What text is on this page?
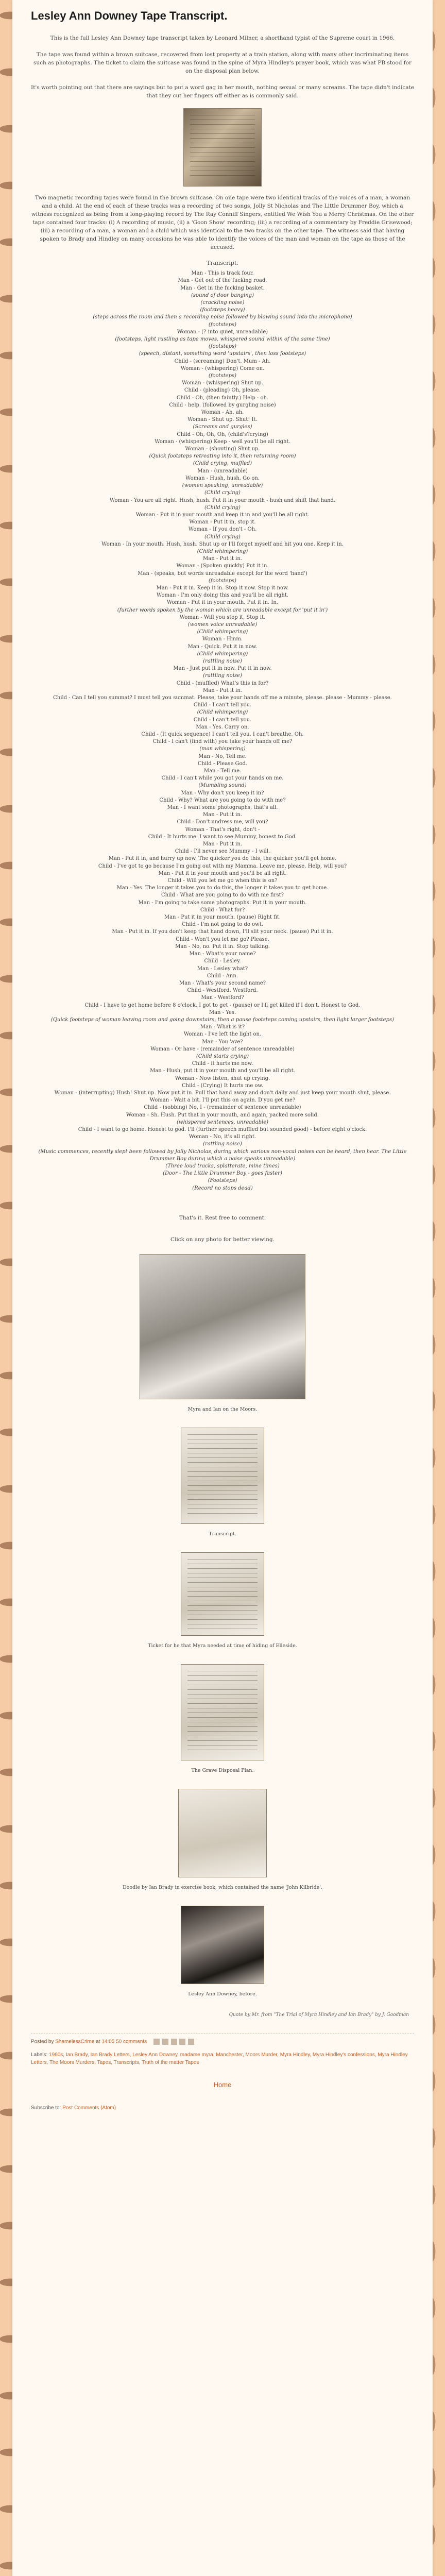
Lesley Ann Downey Tape Transcript.

This is the full Lesley Ann Downey tape transcript taken by Leonard Milner, a shorthand typist of the Supreme court in 1966.

The tape was found within a brown suitcase, recovered from lost property at a train station, along with many other incriminating items such as photographs. The ticket to claim the suitcase was found in the spine of Myra Hindley's prayer book, which was what PB stood for on the disposal plan below.

It's worth pointing out that there are sayings but to put a word gag in her mouth, nothing sexual or many screams. The tape didn't indicate that they cut her fingers off either as is commonly said.

Two magnetic recording tapes were found in the brown suitcase. On one tape were two identical tracks of the voices of a man, a woman and a child. At the end of each of these tracks was a recording of two songs, Jolly St Nicholas and The Little Drummer Boy, which a witness recognized as being from a long-playing record by The Ray Conniff Singers, entitled We Wish You a Merry Christmas. On the other tape contained four tracks: (i) A recording of music, (ii) a 'Goon Show' recording; (iii) a recording of a commentary by Freddie Grisewood; (iii) a recording of a man, a woman and a child which was identical to the two tracks on the other tape. The witness said that having spoken to Brady and Hindley on many occasions he was able to identify the voices of the man and woman on the tape as those of the accused.

Transcript.
Man - This is track four.
Man - Get out of the fucking road.
Man - Get in the fucking basket.
(sound of door banging)
(crackling noise)
(footsteps heavy)
(steps across the room and then a recording noise followed by blowing sound into the microphone)
(footsteps)
Woman - (? into quiet, unreadable)
(footsteps, light rustling as tape moves, whispered sound within of the same time)
(footsteps)
(speech, distant, something word 'upstairs', then loss footsteps)
Child - (screaming) Don't. Mum - Ah.
Woman - (whispering) Come on.
(footsteps)
Woman - (whispering) Shut up.
Child - (pleading) Oh, please.
Child - Oh, (then faintly.) Help - oh.
Child - help. (followed by gurgling noise)
Woman - Ah, ah.
Woman - Shut up. Shut! It.
(Screams and gurgles)
Child - Oh, Oh, Oh, (child's?crying)
Woman - (whispering) Keep - well you'll be all right.
Woman - (shouting) Shut up.
(Quick footsteps retreating into it, then returning room)
(Child crying, muffled)
Man - (unreadable)
Woman - Hush, hush. Go on.
(women speaking, unreadable)
(Child crying)
Woman - You are all right. Hush, hush. Put it in your mouth - hush and shift that hand.
(Child crying)
Woman - Put it in your mouth and keep it in and you'll be all right.
Woman - Put it in, stop it.
Woman - If you don't - Oh.
(Child crying)
Woman - In your mouth. Hush, hush. Shut up or I'll forget myself and hit you one. Keep it in.
(Child whimpering)
Man - Put it in.
Woman - (Spoken quickly) Put it in.
Man - (speaks, but words unreadable except for the word 'hand')
(footsteps)
Man - Put it in. Keep it in. Stop it now. Stop it now.
Woman - I'm only doing this and you'll be all right.
Woman - Put it in your mouth. Put it in. In.
(further words spoken by the woman which are unreadable except for 'put it in')
Woman - Will you stop it, Stop it.
(women voice unreadable)
(Child whimpering)
Woman - Hmm.
Man - Quick. Put it in now.
(Child whimpering)
(rattling noise)
Man - Just put it in now. Put it in now.
(rattling noise)
Child - (muffled) What's this in for?
Man - Put it in.
Child - Can I tell you summat? I must tell you summat. Please, take your hands off me a minute, please. please - Mummy - please.
Child - I can't tell you.
(Child whimpering)
Child - I can't tell you.
Man - Yes. Carry on.
Child - (It quick sequence) I can't tell you. I can't breathe. Oh.
Child - I can't (find with) you take your hands off me?
(man whispering)
Man - No, Tell me.
Child - Please God.
Man - Tell me.
Child - I can't while you got your hands on me.
(Mumbling sound)
Man - Why don't you keep it in?
Child - Why? What are you going to do with me?
Man - I want some photographs, that's all.
Man - Put it in.
Child - Don't undress me, will you?
Woman - That's right, don't -
Child - It hurts me. I want to see Mummy, honest to God.
Man - Put it in.
Child - I'll never see Mummy - I will.
Man - Put it in, and hurry up now. The quicker you do this, the quicker you'll get home.
Child - I've got to go because I'm going out with my Mamma. Leave me, please. Help, will you?
Man - Put it in your mouth and you'll be all right.
Child - Will you let me go when this is on?
Man - Yes. The longer it takes you to do this, the longer it takes you to get home.
Child - What are you going to do with me first?
Man - I'm going to take some photographs. Put it in your mouth.
Child - What for?
Man - Put it in your mouth. (pause) Right fit.
Child - I'm not going to do owt.
Man - Put it in. If you don't keep that hand down, I'll slit your neck. (pause) Put it in.
Child - Won't you let me go? Please.
Man - No, no. Put it in. Stop talking.
Man - What's your name?
Child - Lesley.
Man - Lesley what?
Child - Ann.
Man - What's your second name?
Child - Westford. Westford.
Man - Westford?
Child - I have to get home before 8 o'clock. I got to get - (pause) or I'll get killed if I don't. Honest to God.
Man - Yes.
(Quick footsteps of woman leaving room and going downstairs, then a pause footsteps coming upstairs, then light larger footsteps)
Man - What is it?
Woman - I've left the light on.
Man - You 'ave?
Woman - Or have - (remainder of sentence unreadable)
(Child starts crying)
Child - it hurts me now.
Man - Hush, put it in your mouth and you'll be all right.
Woman - Now listen, shut up crying.
Child - (Crying) It hurts me ow.
Woman - (interrupting) Hush! Shut up. Now put it in. Pull that hand away and don't dally and just keep your mouth shut, please.
Woman - Wait a bit. I'll put this on again. D'you get me?
Child - (sobbing) No, I - (remainder of sentence unreadable)
Woman - Sh. Hush. Put that in your mouth, and again, packed more solid.
(whispered sentences, unreadable)
Child - I want to go home. Honest to god. I'll (further speech muffled but sounded good) - before eight o'clock.
Woman - No, it's all right.
(rattling noise)
(Music commences, recently slept been followed by Jolly Nicholas, during which various non-vocal noises can be heard, then hear. The Little Drummer Boy during which a noise speaks unreadable)
(Three loud tracks, splatterate, mine times)
(Door - The Little Drummer Boy - goes faster)
(Footsteps)
(Record no stops dead)

That's it. Rest free to comment.

Click on any photo for better viewing.

Myra and Ian on the Moors.

Transcript.

Ticket for he that Myra needed at time of hiding of Elleside.

The Grave Disposal Plan.

Doodle by Ian Brady in exercise book, which contained the name 'John Kilbride'.

Lesley Ann Downey, before.

Quote by Mr. from "The Trial of Myra Hindley and Ian Brady" by J. Goodman

Posted by ShamelessCrime at 14:05 50 comments
Labels: 1960s, Ian Brady, Ian Brady Letters, Lesley Ann Downey, madame myra, Manchester, Moors Murder, Myra Hindley, Myra Hindley's confessions, Myra Hindley Letters, The Moors Murders, Tapes, Transcripts, Truth of the matter Tapes
Home
Subscribe to: Post Comments (Atom)
